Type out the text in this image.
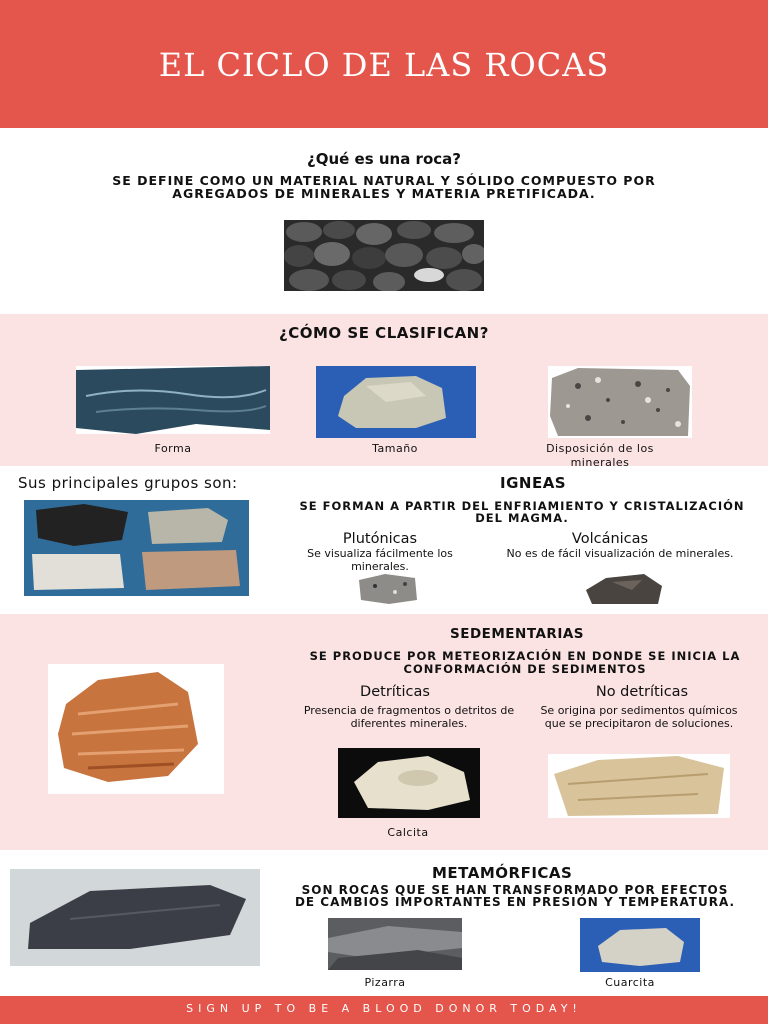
EL CICLO DE LAS ROCAS
¿Qué es una roca?
SE DEFINE COMO UN MATERIAL NATURAL Y SÓLIDO COMPUESTO POR AGREGADOS DE MINERALES Y MATERIA PRETIFICADA.
¿CÓMO SE CLASIFICAN?
Forma	Tamaño	Disposición de los minerales
Sus principales grupos son:	IGNEAS
SE FORMAN A PARTIR DEL ENFRIAMIENTO Y CRISTALIZACIÓN DEL MAGMA.
Plutónicas
Se visualiza fácilmente los minerales.
Volcánicas
No es de fácil visualización de minerales.
SEDEMENTARIAS
SE PRODUCE POR METEORIZACIÓN EN DONDE SE INICIA LA CONFORMACIÓN DE SEDIMENTOS
Detríticas
Presencia de fragmentos o detritos de diferentes minerales.
No detríticas
Se origina por sedimentos químicos que se precipitaron de soluciones.
Calcita
METAMÓRFICAS
SON ROCAS QUE SE HAN TRANSFORMADO POR EFECTOS DE CAMBIOS IMPORTANTES EN PRESIÓN Y TEMPERATURA.
Pizarra	Cuarcita
SIGN UP TO BE A BLOOD DONOR TODAY!
